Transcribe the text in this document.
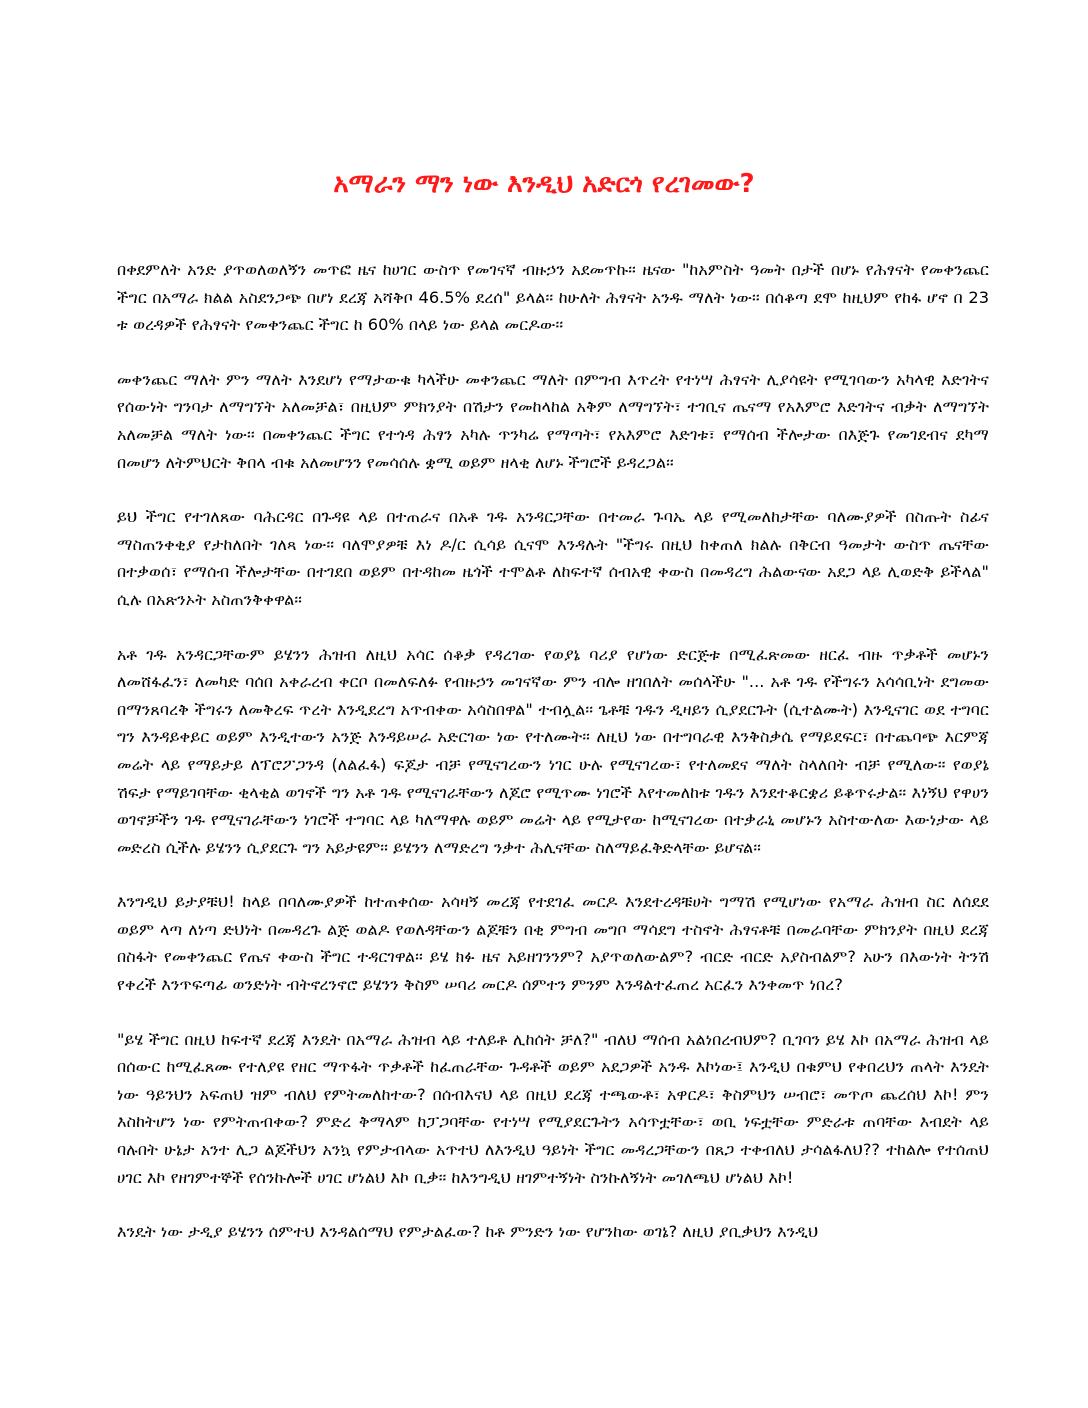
አማራን ማን ነው እንዲህ አድርጎ የረገመው?

በቀደምለት አንድ ያጥወለወለኝን መጥፎ ዜና ከሀገር ውስጥ የመገናኛ ብዙኃን አደመጥኩ፡፡ ዜናው "ከአምስት ዓመት በታች በሆኑ የሕፃናት የመቀንጨር ችግር በአማራ ክልል አስደንጋጭ በሆነ ደረጃ አሻቅቦ 46.5% ደረሰ" ይላል፡፡ ከሁለት ሕፃናት አንዱ ማለት ነው፡፡ በሰቆጣ ደሞ ከዚህም የከፋ ሆኖ በ 23 ቱ ወረዳዎች የሕፃናት የመቀንጨር ችግር ከ 60% በላይ ነው ይላል መርዶው፡፡

መቀንጨር ማለት ምን ማለት እንደሆነ የማታውቁ ካላችሁ መቀንጨር ማለት በምግብ እጥረት የተነሣ ሕፃናት ሊያሳዩት የሚገባውን አካላዊ እድገትና የሰውነት ግንባታ ለማግኘት አለመቻል፣ በዚህም ምክንያት በሽታን የመከላከል አቅም ለማግኘት፣ ተገቢና ጤናማ የአእምሮ እድገትና ብቃት ለማግኘት አለመቻል ማለት ነው፡፡ በመቀንጨር ችግር የተጎዳ ሕፃን አካሉ ጥንካሬ የማጣት፣ የአእምሮ እድገቱ፣ የማሰብ ችሎታው በእጅጉ የመገደብና ደካማ በመሆን ለትምህርት ቅበላ ብቁ አለመሆንን የመሳሰሉ ቋሚ ወይም ዘላቂ ለሆኑ ችግሮች ይዳረጋል፡፡

ይህ ችግር የተገለጸው ባሕርዳር በጉዳዩ ላይ በተጠራና በአቶ ገዱ አንዳርጋቸው በተመራ ጉባኤ ላይ የሚመለከታቸው ባለሙያዎች በስጡት ስፊና ማስጠንቀቂያ የታከለበት ገለጻ ነው፡፡ ባለሞያዎቹ እነ ዶ/ር ሲሳይ ሲናሞ እንዳሉት "ችግሩ በዚህ ከቀጠለ ክልሉ በቅርብ ዓመታት ውስጥ ጤናቸው በተቃወሰ፣ የማሰብ ችሎታቸው በተገደበ ወይም በተዳከመ ዜጎች ተሞልቶ ለከፍተኛ ሰብአዊ ቀውስ በመዳረግ ሕልውናው አደጋ ላይ ሊወድቅ ይችላል" ሲሉ በአጽንኦት አስጠንቅቀዋል፡፡

አቶ ገዱ አንዳርጋቸውም ይሄንን ሕዝብ ለዚህ አሳር ሰቆቃ የዳረገው የወያኔ ባሪያ የሆነው ድርጅቱ በሚፈጽመው ዘርፈ ብዙ ጥቃቶች መሆኑን ለመሸፋፈን፣ ለመካድ ባሰበ አቀራረብ ቀርቦ በመለፍለፉ የብዙኃን መገናኛው ምን ብሎ ዘገበለት መሰላችሁ "... አቶ ገዱ የችግሩን አሳሳቢነት ደግመው በማንጸባረቅ ችግሩን ለመቅረፍ ጥረት እንዲደረግ አጥብቀው አሳስበዋል" ተብሏል፡፡ ጌቶቹ ገዱን ዲዛይን ሲያደርጉት (ሲተልሙት) እንዲናገር ወደ ተግባር ግን እንዳይቀይር ወይም እንዲተውን አንጅ እንዳይሠራ አድርገው ነው የተለሙት፡፡ ለዚህ ነው በተግባራዊ እንቅስቃሴ የማይደፍር፣ በተጨባጭ እርምጃ መሬት ላይ የማይታይ ለፕሮፖጋንዳ (ለልፈፋ) ፍጆታ ብቻ የሚናገረውን ነገር ሁሉ የሚናገረው፣ የተለመደና ማለት ስላለበት ብቻ የሚለው፡፡ የወያኔ ሽፍታ የማይገባቸው ቂላቂል ወገኖች ግን አቶ ገዱ የሚናገራቸውን ለጆሮ የሚጥሙ ነገሮች እየተመለከቱ ገዱን እንደተቆርቋሪ ይቆጥሩታል፡፡ እነኝህ የዋሀን ወገኖቻችን ገዱ የሚናገራቸውን ነገሮች ተግባር ላይ ካለማዋሉ ወይም መሬት ላይ የሚታየው ከሚናገረው በተቃራኒ መሆኑን አስተውለው እውነታው ላይ መድረስ ሲችሉ ይሄንን ሲያደርጉ ግን አይታዩም፡፡ ይሄንን ለማድረግ ንቃተ ሕሊናቸው ስለማይፈቅድላቸው ይሆናል፡፡

እንግዲህ ይታያቹህ! ከላይ በባለሙያዎች ከተጠቀሰው አሳዛኝ መረጃ የተደገፈ መርዶ እንደተረዳቹሀት ግማሽ የሚሆነው የአማራ ሕዝብ ስር ለሰደደ ወይም ላጣ ለነጣ ድህነት በመዳረጉ ልጅ ወልዶ የወለዳቸውን ልጆቹን በቂ ምግብ መግቦ ማሳደግ ተስኖት ሕፃናቶቹ በመራባቸው ምክንያት በዚህ ደረጃ በስፋት የመቀንጨር የጤና ቀውስ ችግር ተዳርገዋል፡፡ ይሄ ክፉ ዜና አይዘገንንም? አያጥወለውልም? ብርድ ብርድ አያስብልም? አሁን በእውነት ትንሽ የቀረች እንጥፍጣፊ ወንድነት ብትኖረንኖሮ ይሄንን ቅስም ሠባሪ መርዶ ሰምተን ምንም እንዳልተፈጠረ አርፈን እንቀመጥ ነበረ?

"ይሄ ችግር በዚህ ከፍተኛ ደረጃ እንዴት በአማራ ሕዝብ ላይ ተለይቶ ሊከሰት ቻለ?" ብለህ ማሰብ አልነበረብህም? ቢገባን ይሄ እኮ በአማራ ሕዝብ ላይ በሰውር ከሚፈጸሙ የተለያዩ የዘር ማጥፋት ጥቃቶች ከፈጠራቸው ጉዳቶች ወይም አደጋዎች አንዱ እኮነው፤ እንዲህ በቁምህ የቀበረህን ጠላት እንዴት ነው ዓይንህን አፍጠህ ዝም ብለህ የምትመለከተው? በሰብእናህ ላይ በዚህ ደረጃ ተጫውቶ፣ አዋርዶ፣ ቅስምህን ሠብሮ፣ መጥጦ ጨረሰህ እኮ! ምን እስከትሆን ነው የምትጠብቀው? ምድረ ቅማላም ከፓጋባቸው የተነሣ የሚያደርጉትን አሳጥቷቸው፣ ወቢ ነፍቷቸው ምድራቱ ጠባቸው እብደት ላይ ባሉበት ሁኔታ አንተ ሊጋ ልጆችህን አንኳ የምታብላው አጥተህ ለእንዲህ ዓይነት ችግር መዳረጋቸውን በጸጋ ተቀብለህ ታሳልፋለህ?? ተከልሎ የተሰጠህ ሀገር እኮ የዘገምተኞች የሰንኩሎች ሀገር ሆነልህ እኮ ቢቃ፡፡ ከእንግዲህ ዘገምተኝነት ስንኩለኝነት መገለጫህ ሆነልህ እኮ!

እንዴት ነው ታዲያ ይሄንን ሰምተህ እንዳልሰማህ የምታልፈው? ከቶ ምንድን ነው የሆንከው ወገኔ? ለዚህ ያቢቃህን እንዲህ
